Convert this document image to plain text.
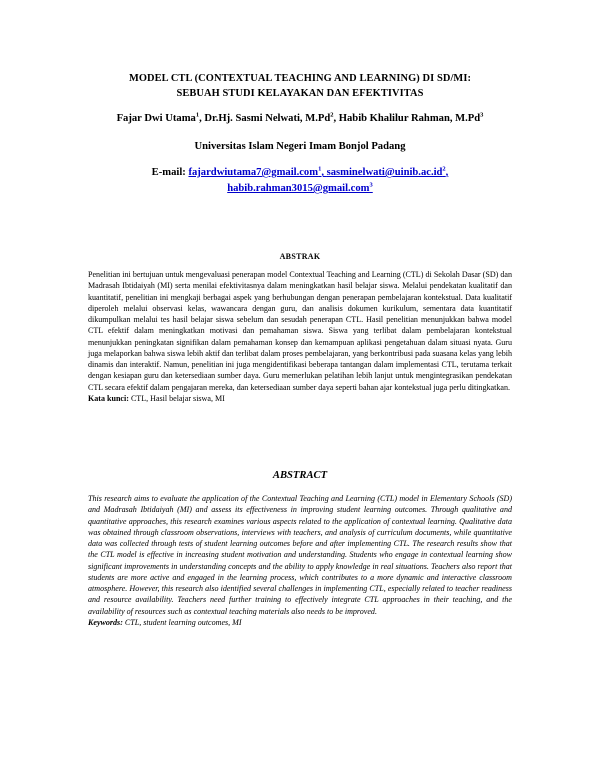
MODEL CTL (CONTEXTUAL TEACHING AND LEARNING) DI SD/MI:
SEBUAH STUDI KELAYAKAN DAN EFEKTIVITAS
Fajar Dwi Utama$^1$, Dr.Hj. Sasmi Nelwati, M.Pd$^2$, Habib Khalilur Rahman, M.Pd$^3$
Universitas Islam Negeri Imam Bonjol Padang
E-mail: fajardwiutama7@gmail.com$^1$, $sasminelwati@uinib.ac.id^2$,
habib.rahman3015@gmail.com$^3$
ABSTRAK

Penelitian ini bertujuan untuk mengevaluasi penerapan model Contextual Teaching and Learning (CTL) di Sekolah Dasar (SD) dan Madrasah Ibtidaiyah (MI) serta menilai efektivitasnya dalam meningkatkan hasil belajar siswa. Melalui pendekatan kualitatif dan kuantitatif, penelitian ini mengkaji berbagai aspek yang berhubungan dengan penerapan pembelajaran kontekstual. Data kualitatif diperoleh melalui observasi kelas, wawancara dengan guru, dan analisis dokumen kurikulum, sementara data kuantitatif dikumpulkan melalui tes hasil belajar siswa sebelum dan sesudah penerapan CTL. Hasil penelitian menunjukkan bahwa model CTL efektif dalam meningkatkan motivasi dan pemahaman siswa. Siswa yang terlibat dalam pembelajaran kontekstual menunjukkan peningkatan signifikan dalam pemahaman konsep dan kemampuan aplikasi pengetahuan dalam situasi nyata. Guru juga melaporkan bahwa siswa lebih aktif dan terlibat dalam proses pembelajaran, yang berkontribusi pada suasana kelas yang lebih dinamis dan interaktif. Namun, penelitian ini juga mengidentifikasi beberapa tantangan dalam implementasi CTL, terutama terkait dengan kesiapan guru dan ketersediaan sumber daya. Guru memerlukan pelatihan lebih lanjut untuk mengintegrasikan pendekatan CTL secara efektif dalam pengajaran mereka, dan ketersediaan sumber daya seperti bahan ajar kontekstual juga perlu ditingkatkan.

Kata kunci: CTL, Hasil belajar siswa, MI

ABSTRACT

This research aims to evaluate the application of the Contextual Teaching and Learning (CTL) model in Elementary Schools (SD) and Madrasah Ibtidaiyah (MI) and assess its effectiveness in improving student learning outcomes. Through qualitative and quantitative approaches, this research examines various aspects related to the application of contextual learning. Qualitative data was obtained through classroom observations, interviews with teachers, and analysis of curriculum documents, while quantitative data was collected through tests of student learning outcomes before and after implementing CTL. The research results show that the CTL model is effective in increasing student motivation and understanding. Students who engage in contextual learning show significant improvements in understanding concepts and the ability to apply knowledge in real situations. Teachers also report that students are more active and engaged in the learning process, which contributes to a more dynamic and interactive classroom atmosphere. However, this research also identified several challenges in implementing CTL, especially related to teacher readiness and resource availability. Teachers need further training to effectively integrate CTL approaches in their teaching, and the availability of resources such as contextual teaching materials also needs to be improved.

Keywords: CTL, student learning outcomes, MI
